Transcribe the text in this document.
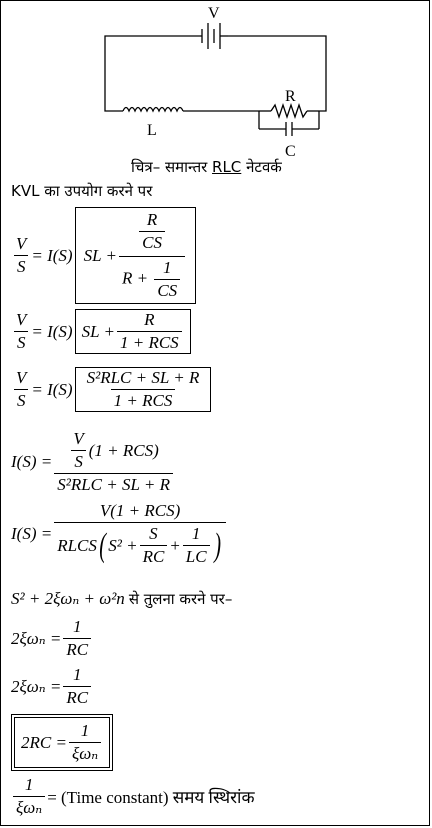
V
R
L
C
चित्र– समान्तर RLC नेटवर्क
KVL का उपयोग करने पर
$\frac{V}{S} = I(S)$ SL + $\frac{\frac{R}{CS}}{R + \frac{1}{CS}}$
$\frac{V}{S} = I(S)$ SL + $\frac{R}{\text{1 + RCS}}$
$\frac{V}{S} = I(S) \frac{\text{S²RLC + SL + R}}{\text{1 + RCS}}$
$I(S) = \frac{\frac{V}{S} (1 + RCS)}{\text{S²RLC + SL + R}}$
I(S) =
V(1 + RCS)
RLCS ( $S^2 + \frac{S}{RC} + \frac{1}{LC}$ )
S² + 2ξωₙ + ω²n से तुलना करने पर–
$2\xi\omega_n = \frac{1}{RC}$
$2\xi\omega_n = \frac{1}{RC}$
$2RC = \frac{1}{\text{ξωₙ}}$
$\frac{1}{\text{ξωₙ}}$ = (Time constant) समय स्थिरांक
